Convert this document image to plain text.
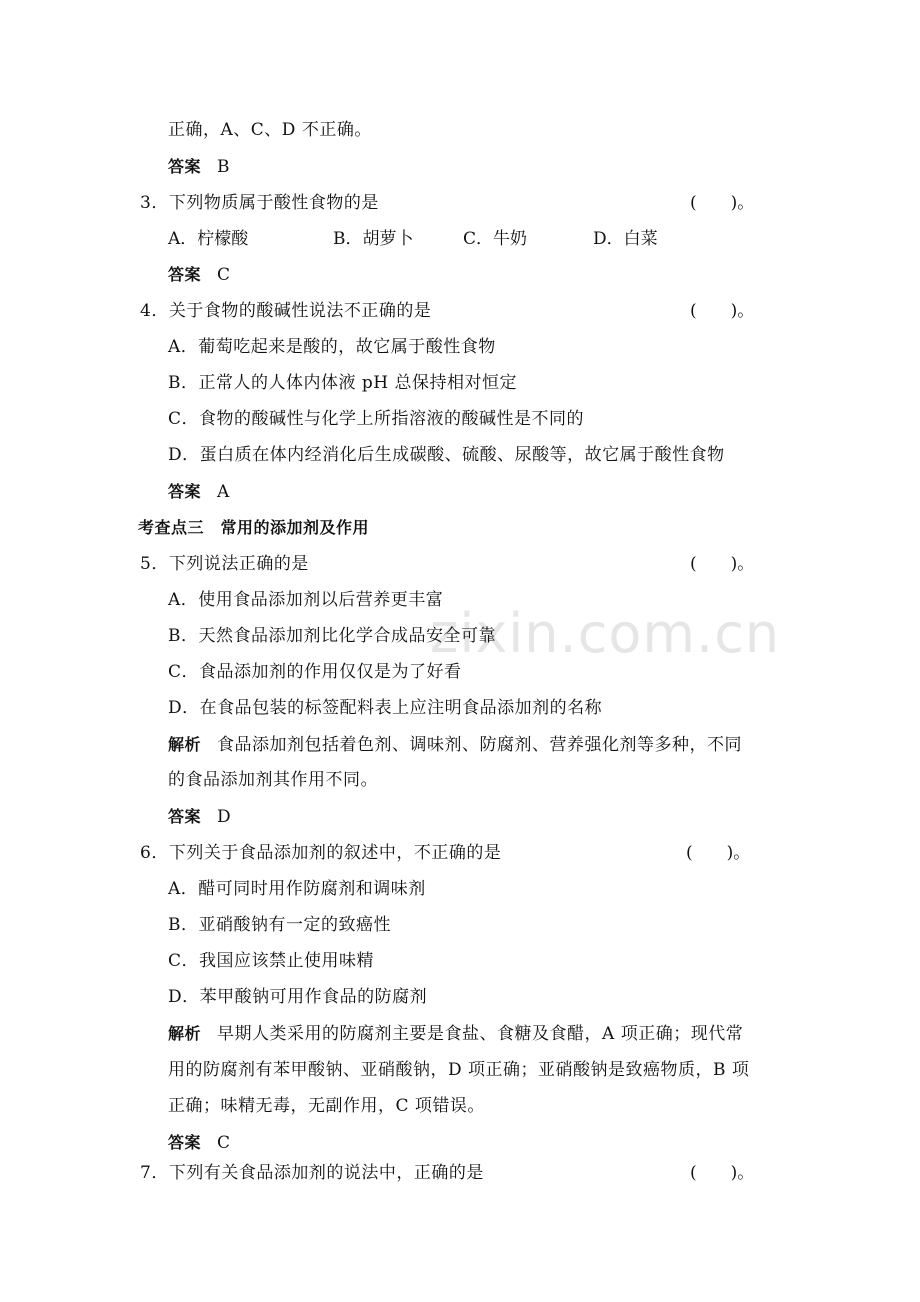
zixin.com.cn
正确，A、C、D 不正确。
答案 B
3．下列物质属于酸性食物的是	(　　)。
A．柠檬酸	B．胡萝卜	C．牛奶	D．白菜
答案 C
4．关于食物的酸碱性说法不正确的是	(　　)。
A．葡萄吃起来是酸的，故它属于酸性食物
B．正常人的人体内体液 pH 总保持相对恒定
C．食物的酸碱性与化学上所指溶液的酸碱性是不同的
D．蛋白质在体内经消化后生成碳酸、硫酸、尿酸等，故它属于酸性食物
答案 A
考查点三　常用的添加剂及作用
5．下列说法正确的是	(　　)。
A．使用食品添加剂以后营养更丰富
B．天然食品添加剂比化学合成品安全可靠
C．食品添加剂的作用仅仅是为了好看
D．在食品包装的标签配料表上应注明食品添加剂的名称
解析 食品添加剂包括着色剂、调味剂、防腐剂、营养强化剂等多种，不同
的食品添加剂其作用不同。
答案 D
6．下列关于食品添加剂的叙述中，不正确的是	(　　)。
A．醋可同时用作防腐剂和调味剂
B．亚硝酸钠有一定的致癌性
C．我国应该禁止使用味精
D．苯甲酸钠可用作食品的防腐剂
解析 早期人类采用的防腐剂主要是食盐、食糖及食醋，A 项正确；现代常
用的防腐剂有苯甲酸钠、亚硝酸钠，D 项正确；亚硝酸钠是致癌物质，B 项
正确；味精无毒，无副作用，C 项错误。
答案 C
7．下列有关食品添加剂的说法中，正确的是	(　　)。
